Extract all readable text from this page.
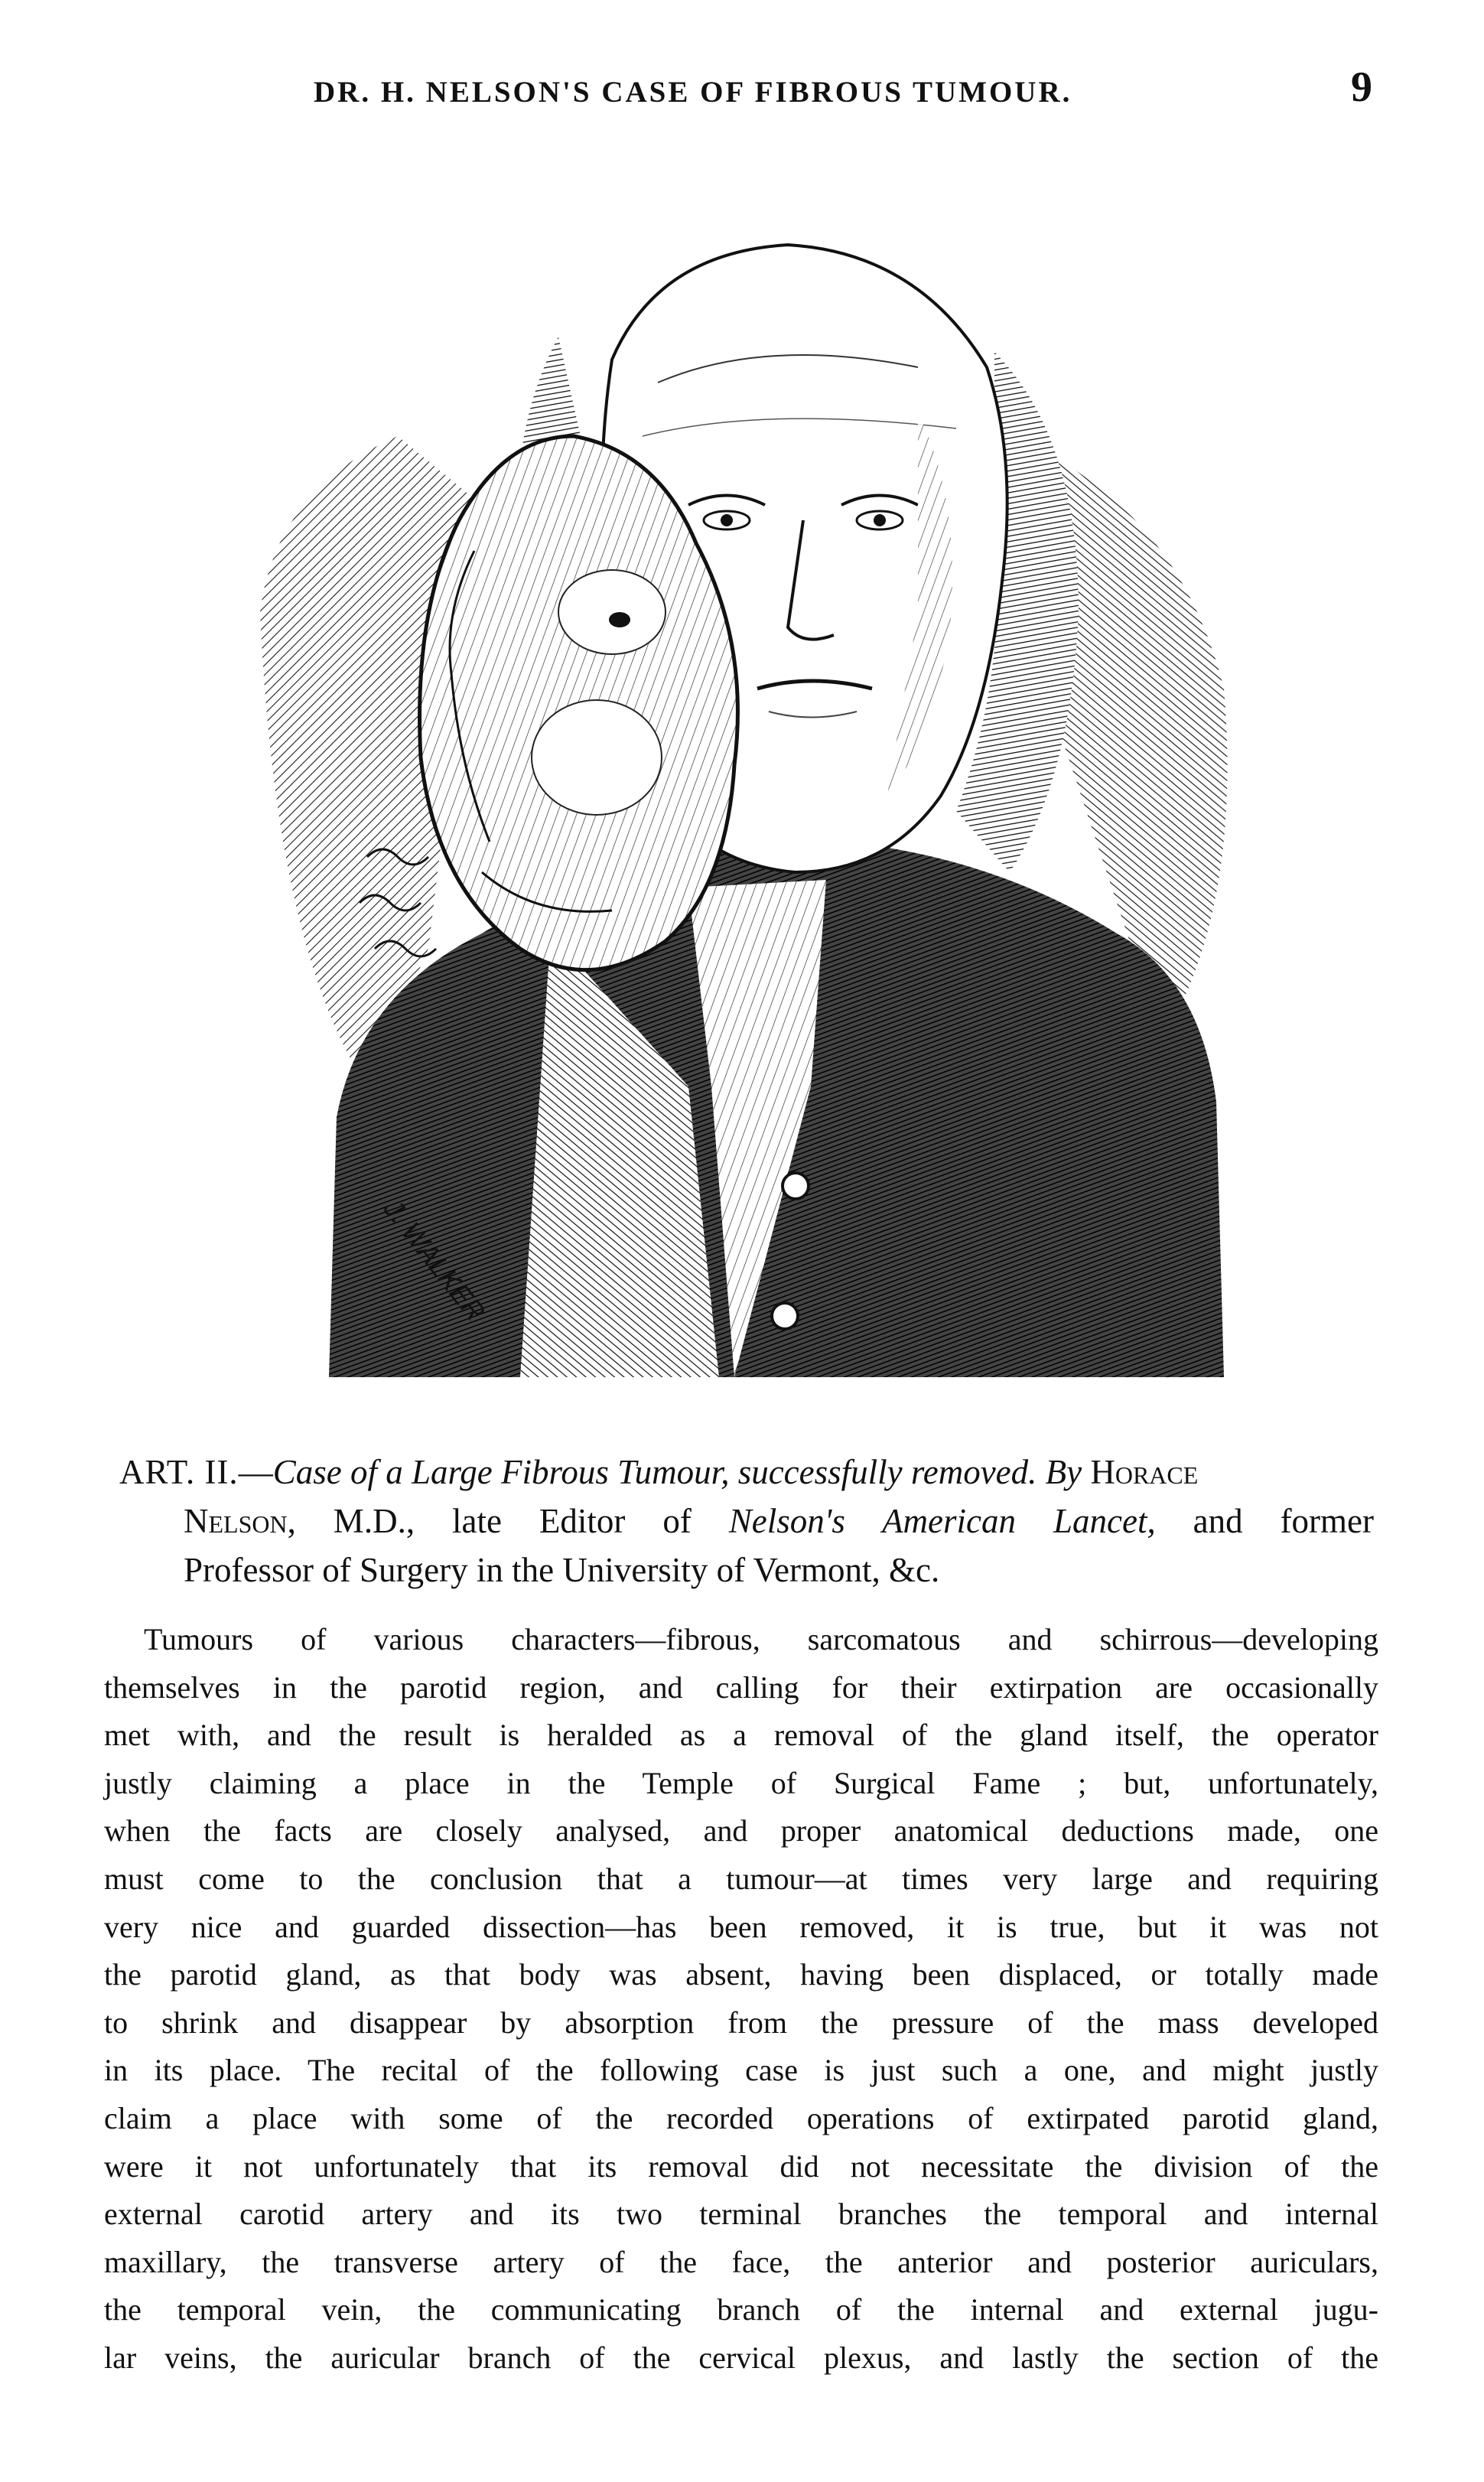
DR. H. NELSON'S CASE OF FIBROUS TUMOUR.	9
J. WALKER
ART. II.—Case of a Large Fibrous Tumour, successfully removed. By Horace
Nelson, M.D., late Editor of Nelson's American Lancet, and former
Professor of Surgery in the University of Vermont, &c.
Tumours of various characters—fibrous, sarcomatous and schirrous—developing
themselves in the parotid region, and calling for their extirpation are occasionally
met with, and the result is heralded as a removal of the gland itself, the operator
justly claiming a place in the Temple of Surgical Fame ; but, unfortunately,
when the facts are closely analysed, and proper anatomical deductions made, one
must come to the conclusion that a tumour—at times very large and requiring
very nice and guarded dissection—has been removed, it is true, but it was not
the parotid gland, as that body was absent, having been displaced, or totally made
to shrink and disappear by absorption from the pressure of the mass developed
in its place. The recital of the following case is just such a one, and might justly
claim a place with some of the recorded operations of extirpated parotid gland,
were it not unfortunately that its removal did not necessitate the division of the
external carotid artery and its two terminal branches the temporal and internal
maxillary, the transverse artery of the face, the anterior and posterior auriculars,
the temporal vein, the communicating branch of the internal and external jugu-
lar veins, the auricular branch of the cervical plexus, and lastly the section of the
